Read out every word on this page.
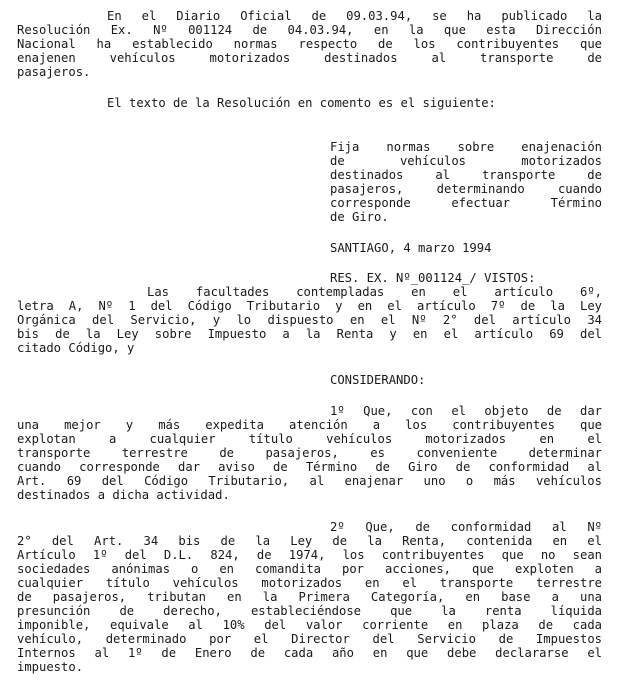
En el Diario Oficial de 09.03.94, se ha publicado la
Resolución Ex. Nº 001124 de 04.03.94, en la que esta Dirección
Nacional ha establecido normas respecto de los contribuyentes que
enajenen vehículos motorizados destinados al transporte de
pasajeros.
El texto de la Resolución en comento es el siguiente:
Fija normas sobre enajenación
de vehículos motorizados
destinados al transporte de
pasajeros, determinando cuando
corresponde efectuar Término
de Giro.
SANTIAGO, 4 marzo 1994
RES. EX. Nº_001124_/ VISTOS:
Las facultades contempladas en el artículo 6º,
letra A, Nº 1 del Código Tributario y en el artículo 7º de la Ley
Orgánica del Servicio, y lo dispuesto en el Nº 2° del artículo 34
bis de la Ley sobre Impuesto a la Renta y en el artículo 69 del
citado Código, y
CONSIDERANDO:
1º Que, con el objeto de dar
una mejor y más expedita atención a los contribuyentes que
explotan a cualquier título vehículos motorizados en el
transporte terrestre de pasajeros, es conveniente determinar
cuando corresponde dar aviso de Término de Giro de conformidad al
Art. 69 del Código Tributario, al enajenar uno o más vehículos
destinados a dicha actividad.
2º Que, de conformidad al Nº
2° del Art. 34 bis de la Ley de la Renta, contenida en el
Artículo 1º del D.L. 824, de 1974, los contribuyentes que no sean
sociedades anónimas o en comandita por acciones, que exploten a
cualquier título vehículos motorizados en el transporte terrestre
de pasajeros, tributan en la Primera Categoría, en base a una
presunción de derecho, estableciéndose que la renta líquida
imponible, equivale al 10% del valor corriente en plaza de cada
vehículo, determinado por el Director del Servicio de Impuestos
Internos al 1º de Enero de cada año en que debe declararse el
impuesto.
